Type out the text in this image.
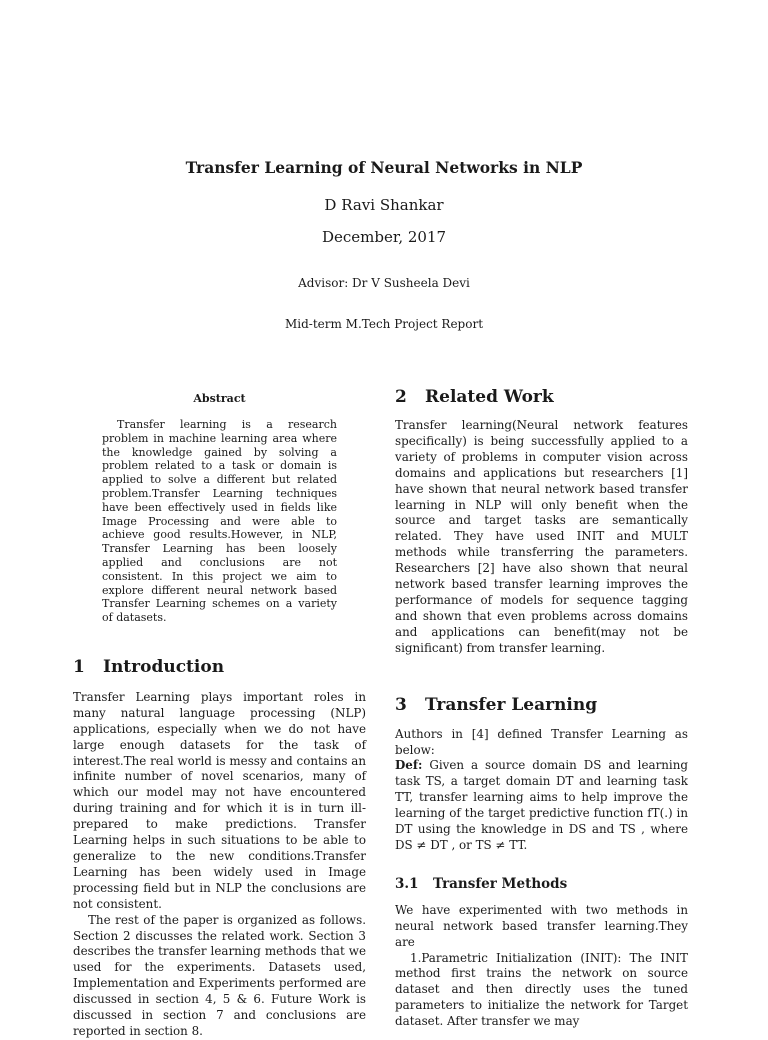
Transfer Learning of Neural Networks in NLP
D Ravi Shankar
December, 2017
Advisor: Dr V Susheela Devi
Mid-term M.Tech Project Report

Abstract

Transfer learning is a research problem in machine learning area where the knowledge gained by solving a problem related to a task or domain is applied to solve a different but related problem.Transfer Learning techniques have been effectively used in fields like Image Processing and were able to achieve good results.However, in NLP, Transfer Learning has been loosely applied and conclusions are not consistent. In this project we aim to explore different neural network based Transfer Learning schemes on a variety of datasets.

1 Introduction

Transfer Learning plays important roles in many natural language processing (NLP) applications, especially when we do not have large enough datasets for the task of interest.The real world is messy and contains an infinite number of novel scenarios, many of which our model may not have encountered during training and for which it is in turn ill-prepared to make predictions. Transfer Learning helps in such situations to be able to generalize to the new conditions.Transfer Learning has been widely used in Image processing field but in NLP the conclusions are not consistent.

The rest of the paper is organized as follows. Section 2 discusses the related work. Section 3 describes the transfer learning methods that we used for the experiments. Datasets used, Implementation and Experiments performed are discussed in section 4, 5 & 6. Future Work is discussed in section 7 and conclusions are reported in section 8.

2 Related Work

Transfer learning(Neural network features specifically) is being successfully applied to a variety of problems in computer vision across domains and applications but researchers [1] have shown that neural network based transfer learning in NLP will only benefit when the source and target tasks are semantically related. They have used INIT and MULT methods while transferring the parameters. Researchers [2] have also shown that neural network based transfer learning improves the performance of models for sequence tagging and shown that even problems across domains and applications can benefit(may not be significant) from transfer learning.

3 Transfer Learning

Authors in [4] defined Transfer Learning as below:

Def: Given a source domain DS and learning task TS, a target domain DT and learning task TT, transfer learning aims to help improve the learning of the target predictive function fT(.) in DT using the knowledge in DS and TS , where DS ≠ DT , or TS ≠ TT.

3.1 Transfer Methods

We have experimented with two methods in neural network based transfer learning.They are

1.Parametric Initialization (INIT): The INIT method first trains the network on source dataset and then directly uses the tuned parameters to initialize the network for Target dataset. After transfer we may
